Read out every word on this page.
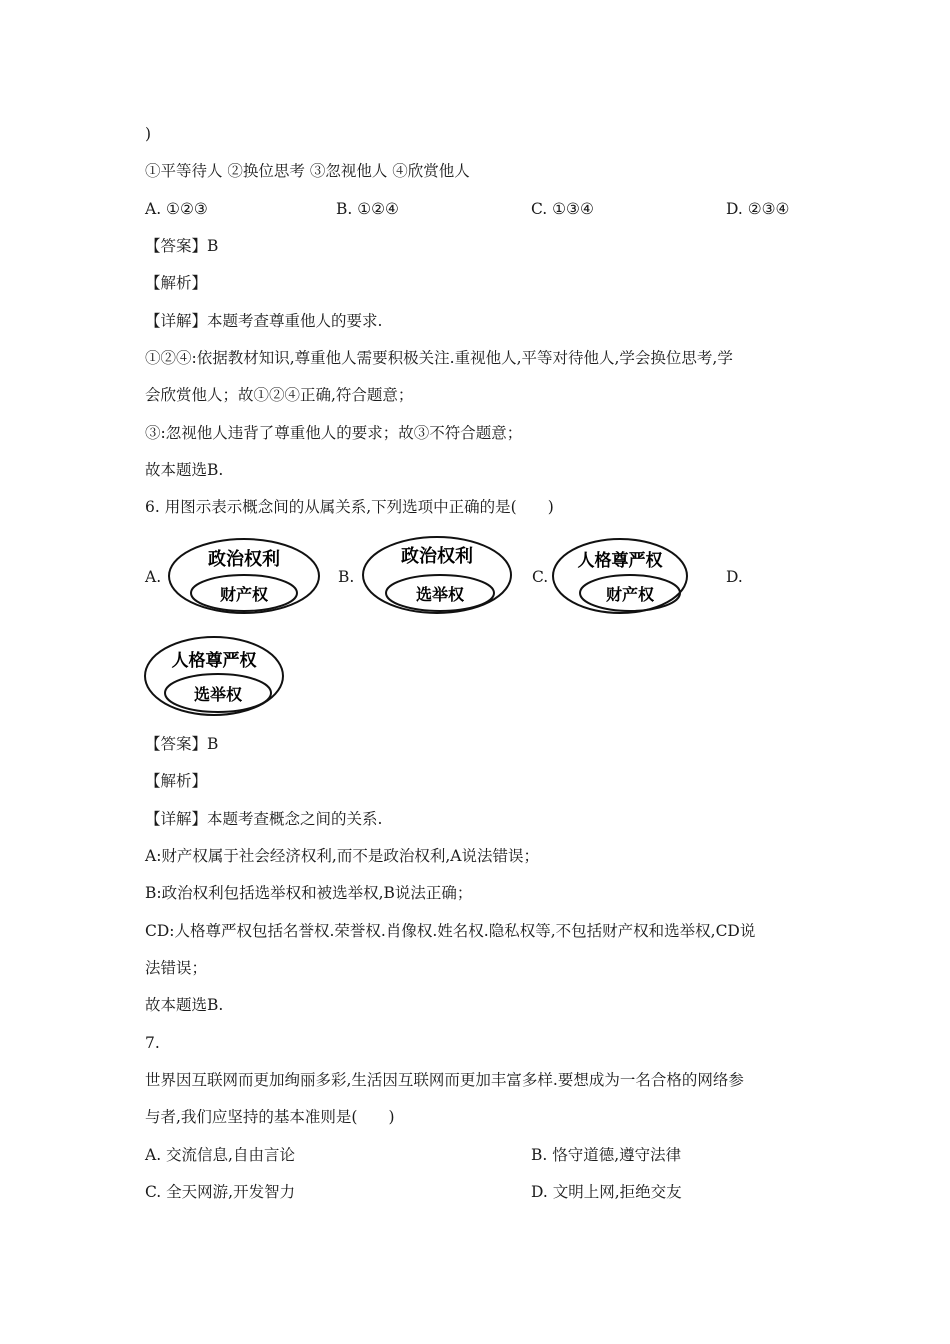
)
①平等待人 ②换位思考 ③忽视他人 ④欣赏他人
A. ①②③	B. ①②④	C. ①③④	D. ②③④
【答案】B
【解析】
【详解】本题考查尊重他人的要求.
①②④:依据教材知识,尊重他人需要积极关注.重视他人,平等对待他人,学会换位思考,学
会欣赏他人；故①②④正确,符合题意；
③:忽视他人违背了尊重他人的要求；故③不符合题意；
故本题选B.
6. 用图示表示概念间的从属关系,下列选项中正确的是(　　)
A.
政治权利
财产权
B.
政治权利
选举权
C.
人格尊严权
财产权
D.
人格尊严权
选举权
【答案】B
【解析】
【详解】本题考查概念之间的关系.
A:财产权属于社会经济权利,而不是政治权利,A说法错误；
B:政治权利包括选举权和被选举权,B说法正确；
CD:人格尊严权包括名誉权.荣誉权.肖像权.姓名权.隐私权等,不包括财产权和选举权,CD说
法错误；
故本题选B.
7.
世界因互联网而更加绚丽多彩,生活因互联网而更加丰富多样.要想成为一名合格的网络参
与者,我们应坚持的基本准则是(　　)
A. 交流信息,自由言论	B. 恪守道德,遵守法律
C. 全天网游,开发智力	D. 文明上网,拒绝交友
